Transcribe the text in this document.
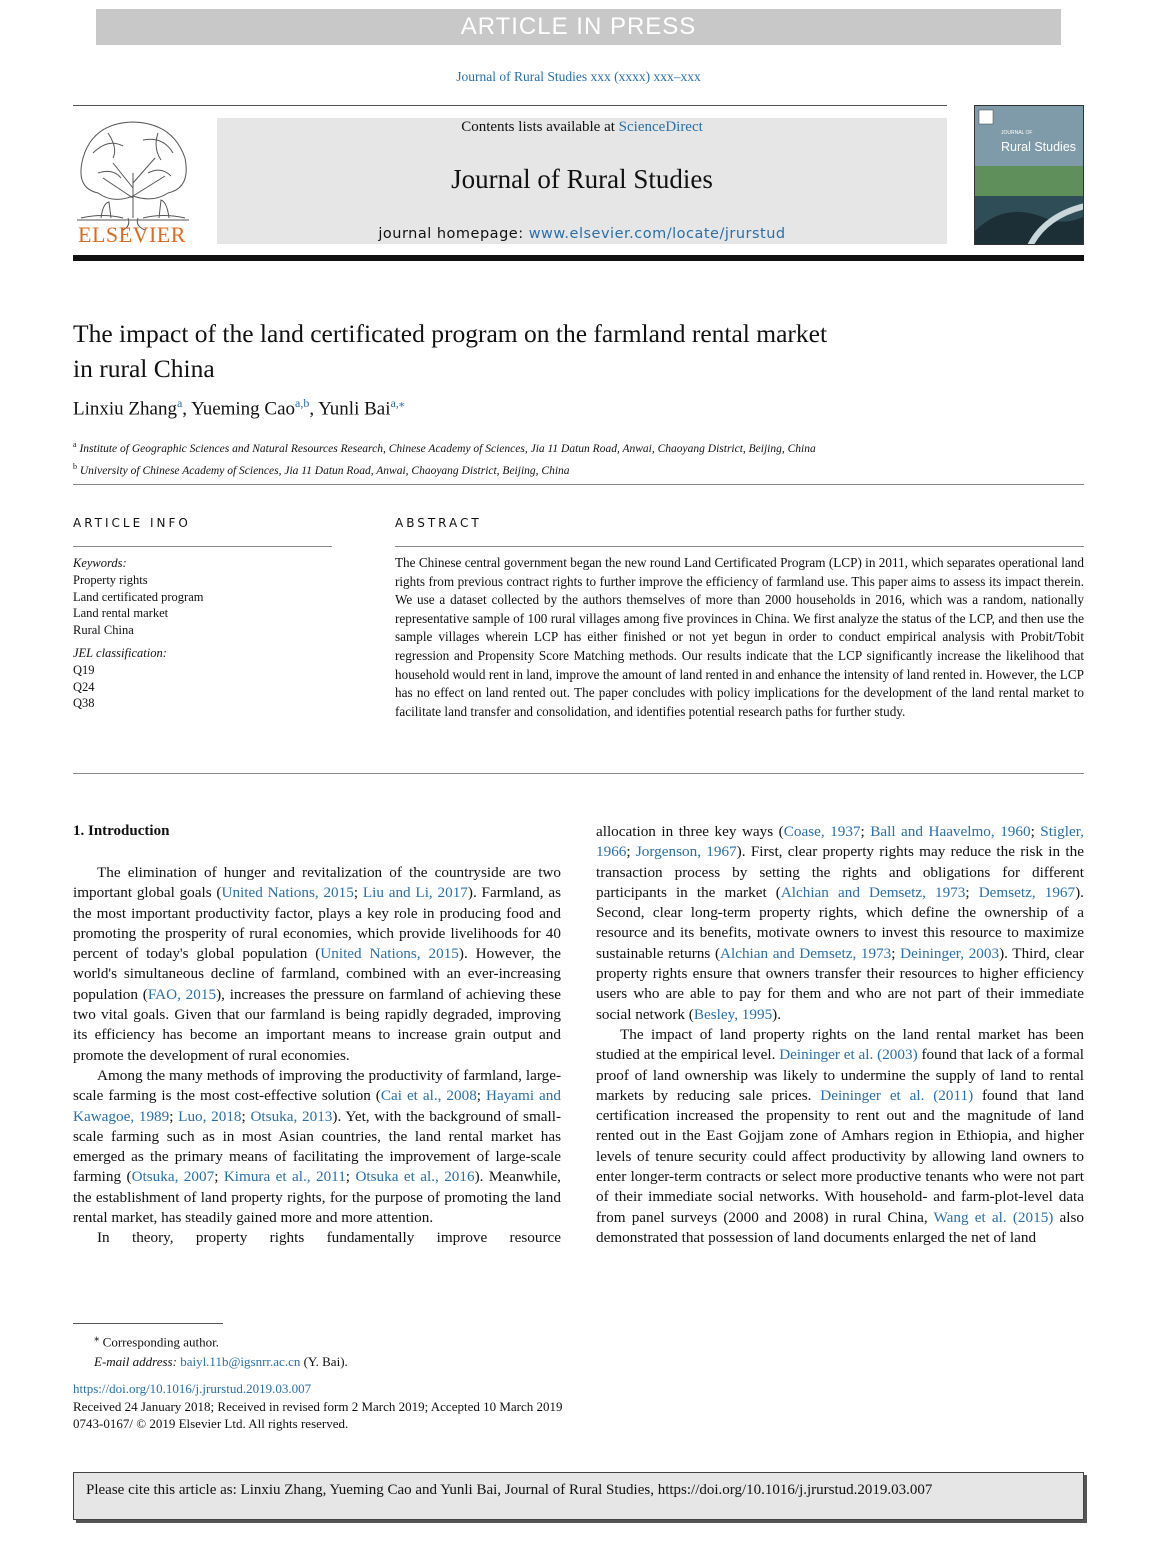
ARTICLE IN PRESS
Journal of Rural Studies xxx (xxxx) xxx–xxx
ELSEVIER
Contents lists available at ScienceDirect
Journal of Rural Studies
journal homepage: www.elsevier.com/locate/jrurstud
JOURNAL OF
Rural Studies
The impact of the land certificated program on the farmland rental market
in rural China
Linxiu Zhang$^a$, Yueming Cao$^{a,b}$, Yunli Bai$^{a,⁎}$
$^a$ Institute of Geographic Sciences and Natural Resources Research, Chinese Academy of Sciences, Jia 11 Datun Road, Anwai, Chaoyang District, Beijing, China
$^b$ University of Chinese Academy of Sciences, Jia 11 Datun Road, Anwai, Chaoyang District, Beijing, China
ARTICLE INFO	ABSTRACT
Keywords:
Property rights
Land certificated program
Land rental market
Rural China
JEL classification:
Q19
Q24
Q38
The Chinese central government began the new round Land Certificated Program (LCP) in 2011, which separates operational land rights from previous contract rights to further improve the efficiency of farmland use. This paper aims to assess its impact therein. We use a dataset collected by the authors themselves of more than 2000 households in 2016, which was a random, nationally representative sample of 100 rural villages among five provinces in China. We first analyze the status of the LCP, and then use the sample villages wherein LCP has either finished or not yet begun in order to conduct empirical analysis with Probit/Tobit regression and Propensity Score Matching methods. Our results indicate that the LCP significantly increase the likelihood that household would rent in land, improve the amount of land rented in and enhance the intensity of land rented in. However, the LCP has no effect on land rented out. The paper concludes with policy implications for the development of the land rental market to facilitate land transfer and consolidation, and identifies potential research paths for further study.
1. Introduction

The elimination of hunger and revitalization of the countryside are two important global goals (United Nations, 2015; Liu and Li, 2017). Farmland, as the most important productivity factor, plays a key role in producing food and promoting the prosperity of rural economies, which provide livelihoods for 40 percent of today's global population (United Nations, 2015). However, the world's simultaneous decline of farmland, combined with an ever-increasing population (FAO, 2015), increases the pressure on farmland of achieving these two vital goals. Given that our farmland is being rapidly degraded, improving its efficiency has become an important means to increase grain output and promote the development of rural economies.

Among the many methods of improving the productivity of farmland, large-scale farming is the most cost-effective solution (Cai et al., 2008; Hayami and Kawagoe, 1989; Luo, 2018; Otsuka, 2013). Yet, with the background of small-scale farming such as in most Asian countries, the land rental market has emerged as the primary means of facilitating the improvement of large-scale farming (Otsuka, 2007; Kimura et al., 2011; Otsuka et al., 2016). Meanwhile, the establishment of land property rights, for the purpose of promoting the land rental market, has steadily gained more and more attention.

In theory, property rights fundamentally improve resource

allocation in three key ways (Coase, 1937; Ball and Haavelmo, 1960; Stigler, 1966; Jorgenson, 1967). First, clear property rights may reduce the risk in the transaction process by setting the rights and obligations for different participants in the market (Alchian and Demsetz, 1973; Demsetz, 1967). Second, clear long-term property rights, which define the ownership of a resource and its benefits, motivate owners to invest this resource to maximize sustainable returns (Alchian and Demsetz, 1973; Deininger, 2003). Third, clear property rights ensure that owners transfer their resources to higher efficiency users who are able to pay for them and who are not part of their immediate social network (Besley, 1995).

The impact of land property rights on the land rental market has been studied at the empirical level. Deininger et al. (2003) found that lack of a formal proof of land ownership was likely to undermine the supply of land to rental markets by reducing sale prices. Deininger et al. (2011) found that land certification increased the propensity to rent out and the magnitude of land rented out in the East Gojjam zone of Amhars region in Ethiopia, and higher levels of tenure security could affect productivity by allowing land owners to enter longer-term contracts or select more productive tenants who were not part of their immediate social networks. With household- and farm-plot-level data from panel surveys (2000 and 2008) in rural China, Wang et al. (2015) also demonstrated that possession of land documents enlarged the net of land

⁎ Corresponding author.
E-mail address: baiyl.11b@igsnrr.ac.cn (Y. Bai).
https://doi.org/10.1016/j.jrurstud.2019.03.007
Received 24 January 2018; Received in revised form 2 March 2019; Accepted 10 March 2019
0743-0167/ © 2019 Elsevier Ltd. All rights reserved.
Please cite this article as: Linxiu Zhang, Yueming Cao and Yunli Bai, Journal of Rural Studies, https://doi.org/10.1016/j.jrurstud.2019.03.007
